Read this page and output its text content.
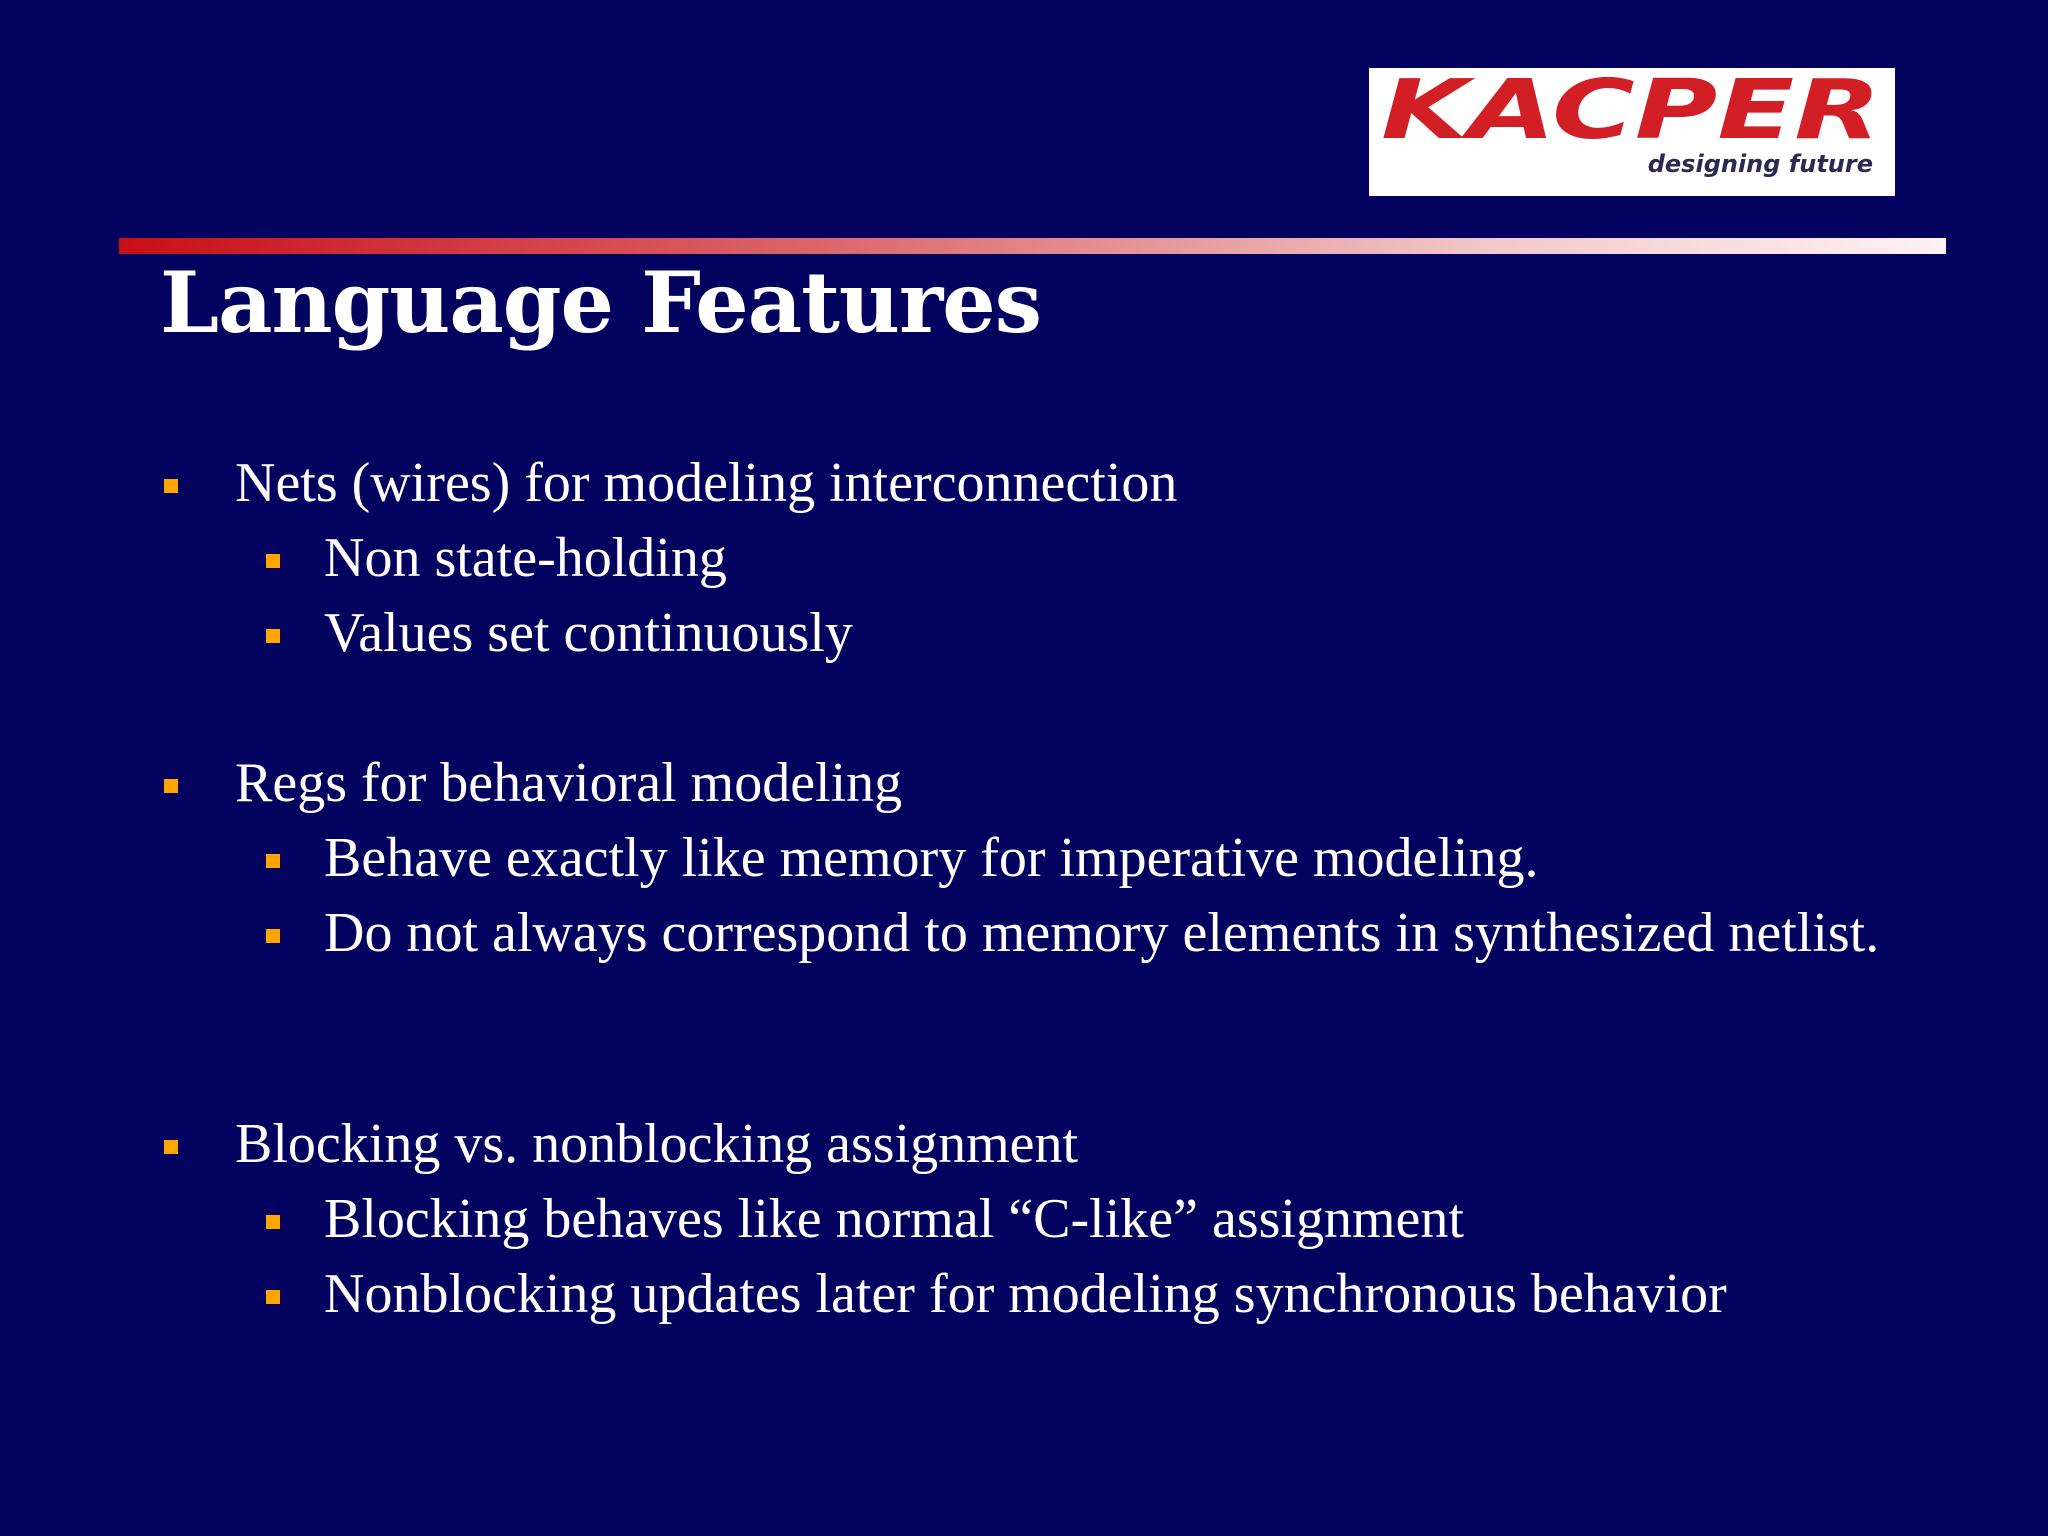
KACPER
designing future
Language Features
Nets (wires) for modeling interconnection
Non state-holding
Values set continuously
Regs for behavioral modeling
Behave exactly like memory for imperative modeling.
Do not always correspond to memory elements in synthesized netlist.
Blocking vs. nonblocking assignment
Blocking behaves like normal “C-like” assignment
Nonblocking updates later for modeling synchronous behavior
